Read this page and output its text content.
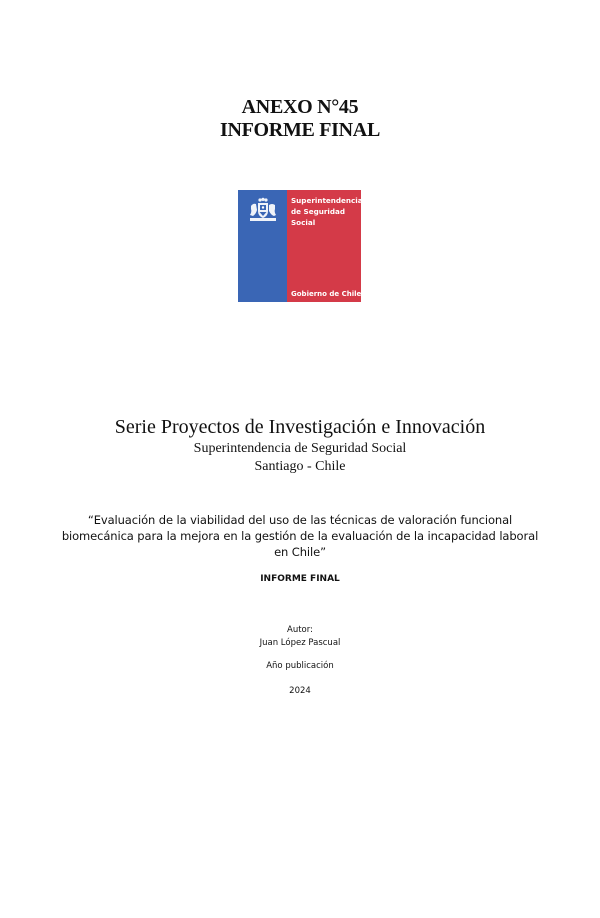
ANEXO N°45
INFORME FINAL
Superintendencia
de Seguridad
Social
Gobierno de Chile
Serie Proyectos de Investigación e Innovación
Superintendencia de Seguridad Social
Santiago - Chile
“Evaluación de la viabilidad del uso de las técnicas de valoración funcional
biomecánica para la mejora en la gestión de la evaluación de la incapacidad laboral
en Chile”
INFORME FINAL
Autor:
Juan López Pascual
Año publicación
2024
